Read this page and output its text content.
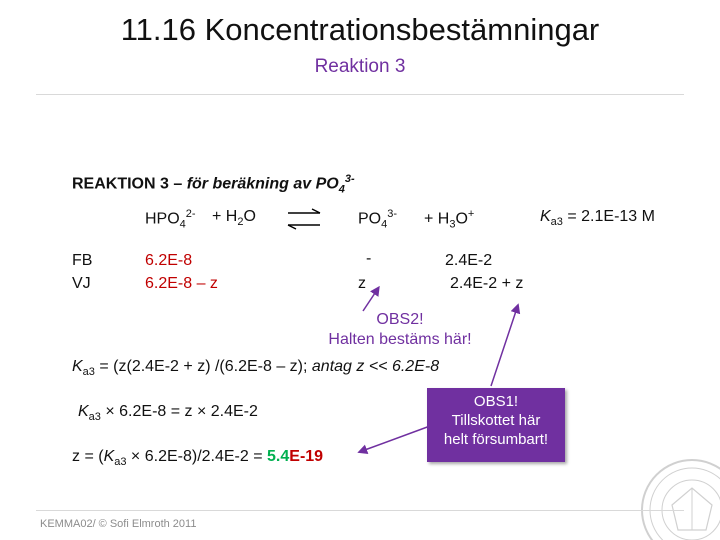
11.16 Koncentrationsbestämningar
Reaktion 3
REAKTION 3 – för beräkning av $PO_4^{3-}$
$HPO_4^{2-} + H_2O$	$PO_4^{3-} + H_3O^+$	$K_{a3} = 2.1E-13$ M
FB
VJ
6.2E-8
6.2E-8 – z
-
z
2.4E-2
2.4E-2 + z
OBS2!
Halten bestäms här!
$K_{a3} = (z(2.4E-2 + z)$ /(6.2E-8 – z); antag z << 6.2E-8
$K_{a3} \times 6.2E-8 = z \times 2.4E-2$
$z = (K_{a3} \times 6.2E-8)/2.4E-2 = 5.4E-19$
OBS1!
Tillskottet här
helt försumbart!
KEMMA02/ © Sofi Elmroth 2011
